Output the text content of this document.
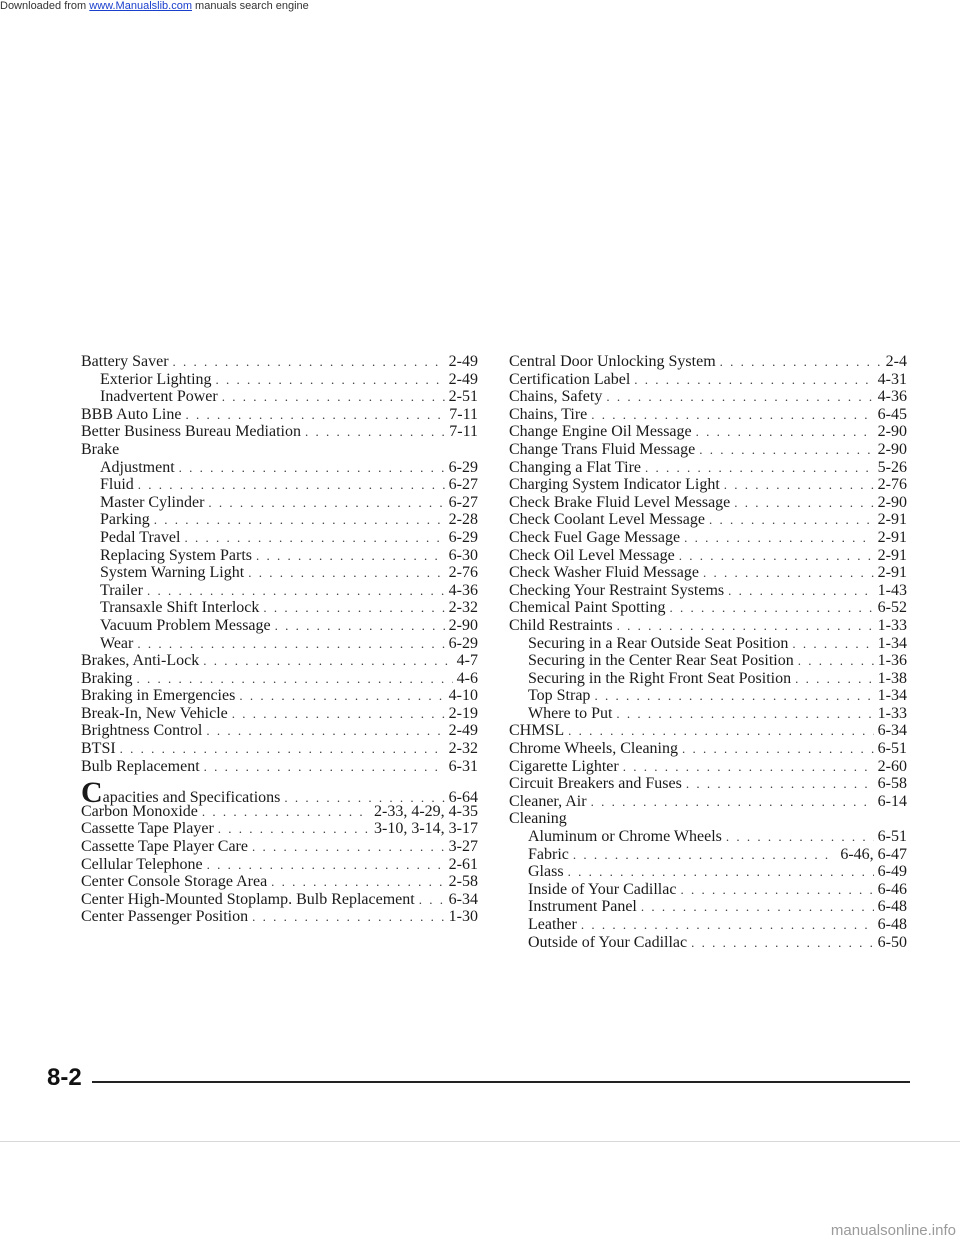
Downloaded from www.Manualslib.com manuals search engine
Battery Saver . . .	2-49
Exterior Lighting . . .	2-49
Inadvertent Power . . .	2-51
BBB Auto Line . . .	7-11
Better Business Bureau Mediation . . .	7-11
Brake
Adjustment . . .	6-29
Fluid . . .	6-27
Master Cylinder . . .	6-27
Parking . . .	2-28
Pedal Travel . . .	6-29
Replacing System Parts . . .	6-30
System Warning Light . . .	2-76
Trailer . . .	4-36
Transaxle Shift Interlock . . .	2-32
Vacuum Problem Message . . .	2-90
Wear . . .	6-29
Brakes, Anti-Lock . . .	4-7
Braking . . .	4-6
Braking in Emergencies . . .	4-10
Break-In, New Vehicle . . .	2-19
Brightness Control . . .	2-49
BTSI . . .	2-32
Bulb Replacement . . .	6-31
Capacities and Specifications . . .	6-64
Carbon Monoxide . . .	2-33, 4-29, 4-35
Cassette Tape Player . . .	3-10, 3-14, 3-17
Cassette Tape Player Care . . .	3-27
Cellular Telephone . . .	2-61
Center Console Storage Area . . .	2-58
Center High-Mounted Stoplamp. Bulb Replacement . . . 6-34
Center Passenger Position . . .	1-30
Central Door Unlocking System . . .	2-4
Certification Label . . .	4-31
Chains, Safety . . .	4-36
Chains, Tire . . .	6-45
Change Engine Oil Message . . .	2-90
Change Trans Fluid Message . . .	2-90
Changing a Flat Tire . . .	5-26
Charging System Indicator Light . . .	2-76
Check Brake Fluid Level Message . . .	2-90
Check Coolant Level Message . . .	2-91
Check Fuel Gage Message . . .	2-91
Check Oil Level Message . . .	2-91
Check Washer Fluid Message . . .	2-91
Checking Your Restraint Systems . . .	1-43
Chemical Paint Spotting . . .	6-52
Child Restraints . . .	1-33
Securing in a Rear Outside Seat Position . . .	1-34
Securing in the Center Rear Seat Position . . .	1-36
Securing in the Right Front Seat Position . . .	1-38
Top Strap . . .	1-34
Where to Put . . .	1-33
CHMSL . . .	6-34
Chrome Wheels, Cleaning . . .	6-51
Cigarette Lighter . . .	2-60
Circuit Breakers and Fuses . . .	6-58
Cleaner, Air . . .	6-14
Cleaning
Aluminum or Chrome Wheels . . .	6-51
Fabric . . .	6-46, 6-47
Glass . . .	6-49
Inside of Your Cadillac . . .	6-46
Instrument Panel . . .	6-48
Leather . . .	6-48
Outside of Your Cadillac . . .	6-50
8-2
manualsonline.info
